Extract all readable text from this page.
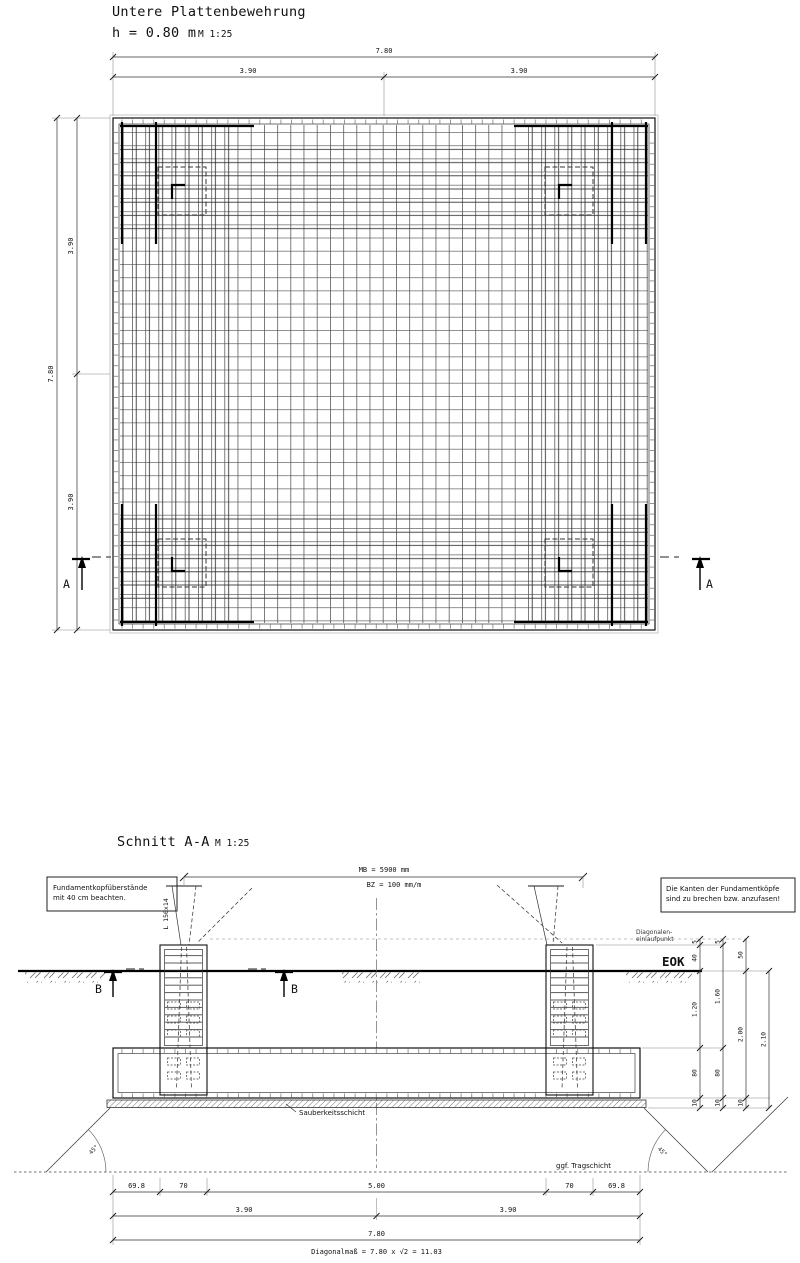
Untere Plattenbewehrung
h = 0.80 m M 1:25
7.80
3.90	3.90
7.80
3.90
3.90
A	A
Schnitt A-A M 1:25
Fundamentkopfüberstände
mit 40 cm beachten.
Die Kanten der Fundamentköpfe
sind zu brechen bzw. anzufasen!
MB = 5900 mm
BZ = 100 mm/m
L 150x14
Diagonalen-
einlaufpunkt
EOK
B	B
Sauberkeitsschicht
45°	45°
ggf. Tragschicht
69.8	70	5.00	70	69.8
3.90	3.90
7.80
Diagonalmaß = 7.80 x √2 = 11.03
5
40
1.20
80
10
5
1.60
80
10
50
2.00
10
2.10
